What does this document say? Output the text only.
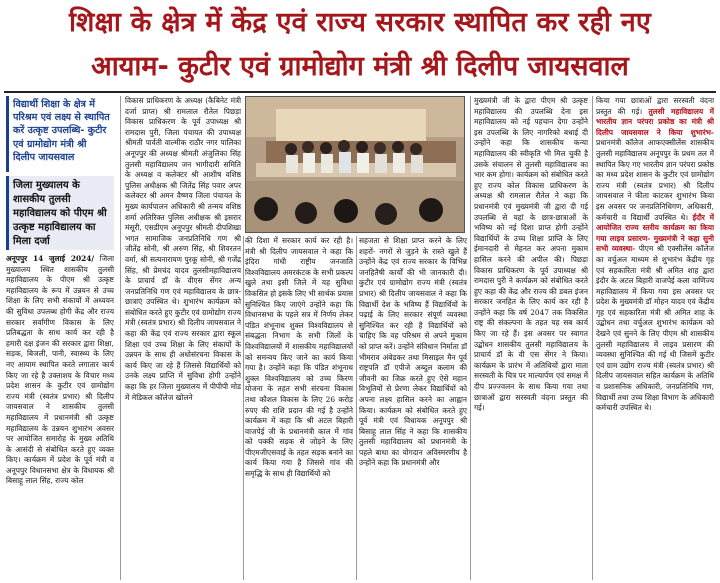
शिक्षा के क्षेत्र में केंद्र एवं राज्य सरकार स्थापित कर रही नए
आयाम- कुटीर एवं ग्रामोद्योग मंत्री श्री दिलीप जायसवाल
विद्यार्थी शिक्षा के क्षेत्र में परिश्रम एवं लक्ष्य से स्थापित करें उत्कृष्ट उपलब्धि- कुटीर एवं ग्रामोद्योग मंत्री श्री दिलीप जायसवाल
जिला मुख्यालय के शासकीय तुलसी महाविद्यालय को पीएम श्री उत्कृष्ट महाविद्यालय का मिला दर्जा
अनूपपुर 14 जुलाई 2024/ जिला मुख्यालय स्थित शासकीय तुलसी महाविद्यालय के पीएम श्री उत्कृष्ट महाविद्यालय के रूप में उन्नयन से उच्च शिक्षा के लिए सभी संकायों में अध्ययन की सुविधा उपलब्ध होगी केंद्र और राज्य सरकार सर्वांगीण विकास के लिए प्रतिबद्धता के साथ कार्य कर रही है हमारी दक्ष इंजन की सरकार द्वारा शिक्षा, सड़क, बिजली, पानी, स्वास्थ्य के लिए नए आयाम स्थापित करते लगातार कार्य किए जा रहे है उक्ताशय के विचार मध्य प्रदेश शासन के कुटीर एवं ग्रामोद्योग राज्य मंत्री (स्वतंत्र प्रभार) श्री दिलीप जायसवाल ने शासकीय तुलसी महाविद्यालय में प्रधानमंत्री श्री उत्कृष्ट महाविद्यालय के उन्नयन शुभारंभ अवसर पर आयोजित समारोह के मुख्य अतिथि के आसंदी से संबोधित करते हुए व्यक्त किए। कार्यक्रम में प्रदेश के पूर्व मंत्री व अनूपपुर विधानसभा क्षेत्र के विधायक श्री बिसाहू लाल सिंह, राज्य कोल
विकास प्राधिकरण के अध्यक्ष (कैबिनेट मंत्री दर्जा प्राप्त) श्री रामलाल रौतेल पिछड़ा विकास प्राधिकरण के पूर्व उपाध्यक्ष श्री रामदास पुरी, जिला पंचायत की उपाध्यक्ष श्रीमती पार्वती वाल्मीक राठौर नगर पालिका अनूपपुर की अध्यक्ष श्रीमती अंजुलिका सिंह तुलसी महाविद्यालय जन भागीदारी समिति के अध्यक्ष व कलेक्टर श्री आशीष वशिष्ठ पुलिस अधीक्षक श्री जितेंद्र सिंह पवार अपर कलेक्टर श्री अमन वैष्णव जिला पंचायत के मुख्य कार्यपालन अधिकारी श्री तन्मय वशिष्ठ शर्मा अतिरिक्त पुलिस अधीक्षक श्री इसरार मंसूरी, एसडीएम अनूपपुर श्रीमती दीपशिखा भगत सामाजिक जनप्रतिनिधि गण श्री जीतेंद्र सोनी, श्री अरुण सिंह, श्री शिवरतन वर्मा, श्री सत्यनारायण पुरकू सोनी, श्री गजेंद्र सिंह, श्री प्रेमचंद यादव तुलसीमहाविद्यालय के प्राचार्य डॉ के वीएस सेंगर अन्य जनप्रतिनिधि गण एवं महाविद्यालय के छात्र-छात्राएं उपस्थित थे। शुभारंभ कार्यक्रम को संबोधित करते हुए कुटीर एवं ग्रामोद्योग राज्य मंत्री (स्वतंत्र प्रभार) श्री दिलीप जायसवाल ने कहा की केंद्र एवं राज्य सरकार द्वारा स्कूल शिक्षा एवं उच्च शिक्षा के लिए संकायों के उन्नयन के साथ ही अधोसंरचना विकास के कार्य किए जा रहे हैं जिससे विद्यार्थियों को उनके लक्ष्य प्राप्ति में सुविधा होगी उन्होंने कहा कि हर जिला मुख्यालय में पीपीपी मोड में मेडिकल कॉलेज खोलने
की दिशा में सरकार कार्य कर रही है। मंत्री श्री दिलीप जायसवाल ने कहा कि इंदिरा गांधी राष्ट्रीय जनजाति विश्वविद्यालय अमरकंटक के सभी प्रकल्प खुले तथा इसी जिले में यह सुविधा विकसित हो इसके लिए भी सार्थक प्रयास सुनिश्चित किए जाएंगे उन्होंने कहा कि विधानसभा के पहले सत्र में निर्णय लेकर पंडित शंभूनाथ शुक्ल विश्वविद्यालय से संबद्धता निभाग के सभी जिलों के विश्वविद्यालयों में शासकीय महाविद्यालयों को समन्वय किए जाने का कार्य किया गया है। उन्होंने कहा कि पंडित शंभूनाथ शुक्ल विश्वविद्यालय को उच्च किरण योजना के तहत सभी संरचना विकास तथा कौशल विकास के लिए 26 करोड़ रुपए की राशि प्रदान की गई है उन्होंने कार्यक्रम में कहा कि श्री अटल बिहारी वाजपेई जी के प्रधानमंत्री काल में गांव को पक्की सड़क से जोड़ने के लिए पीएमजीएसवाई के तहत सड़क बनाने का कार्य किया गया है जिससे गांव की समृद्धि के साथ ही विद्यार्थियों को
सहजता से शिक्षा प्राप्त करने के लिए शहरों- नगरों से जुड़ने के रास्ते खुले हैं उन्होंने केंद्र एवं राज्य सरकार के विभिन्न जनहितैषी कार्यों की भी जानकारी दी। कुटीर एवं ग्रामोद्योग राज्य मंत्री (स्वतंत्र प्रभार) श्री दिलीप जायसवाल ने कहा कि विद्यार्थी देश के भविष्य हैं विद्यार्थियों के पढ़ाई के लिए सरकार संपूर्ण व्यवस्था सुनिश्चित कर रही है विद्यार्थियों को चाहिए कि वह परिश्रम से अपने मुकाम को प्राप्त करें। उन्होंने संविधान निर्माता डॉ भीमराव अंबेडकर तथा मिसाइल मैन पूर्व राष्ट्रपति डॉ एपीजे अब्दुल कलाम की जीवनी का जिक्र करते हुए ऐसे महान विभूतियों से प्रेरणा लेकर विद्यार्थियों को अपना लक्ष्य हासिल करने का आह्वान किया। कार्यक्रम को संबोधित करते हुए पूर्व मंत्री एवं विधायक अनूपपुर श्री बिसाहू लाल सिंह ने कहा कि शासकीय तुलसी महाविद्यालय को प्रधानमंत्री के पहले बाधा का योगदान अविस्मरणीय है उन्होंने कहा कि प्रधानमंत्री और
मुख्यमंत्री जी के द्वारा पीएम श्री उत्कृष्ट महाविद्यालय की उपलब्धि देना इस महाविद्यालय को नई पहचान देगा उन्होंने इस उपलब्धि के लिए नागरिको बधाई दी उन्होंने कहा कि शासकीय कन्या महाविद्यालय की स्वीकृति भी मिल चुकी है उसके संचालन से तुलसी महाविद्यालय का भार कम होगा। कार्यक्रम को संबोधित करते हुए राज्य कोल विकास प्राधिकरण के अध्यक्ष श्री रामलाल रौतेल ने कहा कि प्रधानमंत्री एवं मुख्यमंत्री जी द्वारा दी गई उपलब्धि से यहां के छात्र-छात्राओं के भविष्य को नई दिशा प्राप्त होगी उन्होंने विद्यार्थियों के उच्च शिक्षा प्राप्ति के लिए ईमानदारी से मेहनत कर अपना मुकाम हासिल करने की अपील की। पिछड़ा विकास प्राधिकरण के पूर्व उपाध्यक्ष श्री रामदास पुरी ने कार्यक्रम को संबोधित करते हुए कहा की केंद्र और राज्य की डबल इंजन सरकार जनहित के लिए कार्य कर रही है उन्होंने कहा कि वर्ष 2047 तक विकसित राष्ट्र की संकल्पना के तहत यह सब कार्य किए जा रहे हैं। इस अवसर पर स्वागत उद्बोधन शासकीय तुलसी महाविद्यालय के प्राचार्य डॉ के वी एस सेंगर ने किया। कार्यक्रम के प्रारंभ में अतिथियों द्वारा माता सरस्वती के चित्र पर माल्यार्पण एवं समक्ष में दीप प्रज्ज्वलन के साथ किया गया तथा छात्राओं द्वारा सरस्वती वंदना प्रस्तुत की गई।
किया गया छात्राओं द्वारा सरस्वती वंदना प्रस्तुत की गई। तुलसी महाविद्यालय में भारतीय ज्ञान परंपरा प्रकोष्ठ का मंत्री श्री दिलीप जायसवाल ने किया शुभारंभ- प्रधानमंत्री कॉलेज आफएक्सीलेंस शासकीय तुलसी महाविद्यालय अनूपपुर के प्रथम तल में स्थापित किए गए भारतीय ज्ञान परंपरा प्रकोष्ठ का मध्य प्रदेश शासन के कुटीर एवं ग्रामोद्योग राज्य मंत्री (स्वतंत्र प्रभार) श्री दिलीप जायसवाल ने फीता काटकर शुभारंभ किया इस अवसर पर जनप्रतिनिधिगण, अधिकारी, कर्मचारी व विद्यार्थी उपस्थित थे। ईंदौर में आयोजित राज्य स्तरीय कार्यक्रम का किया गया लाइव प्रसारण- मुख्यमंत्री ने कहा सुनी सभी व्यवस्था- पीएम श्री एक्सीलेंस कॉलेज का वर्चुअल माध्यम से शुभारंभ केंद्रीय गृह एवं सहकारिता मंत्री श्री अमित शाह द्वारा इंदौर के अटल बिहारी वाजपेई कला वाणिज्य महाविद्यालय में किया गया इस अवसर पर प्रदेश के मुख्यमंत्री डॉ मोहन यादव एवं केंद्रीय गृह एवं सहकारिता मंत्री श्री अमित शाह के उद्बोधन तथा वर्चुअल शुभारंभ कार्यक्रम को देखने एवं सुनने के लिए पीएम श्री शासकीय तुलसी महाविद्यालय में लाइव प्रसारण की व्यवस्था सुनिश्चित की गई थी जिसमें कुटीर एवं ग्राम उद्योग राज्य मंत्री (स्वतंत्र प्रभार) श्री दिलीप जायसवाल सहित कार्यक्रम के अतिथि व प्रशासनिक अधिकारी, जनप्रतिनिधि गण, विद्यार्थी तथा उच्च शिक्षा विभाग के अधिकारी कर्मचारी उपस्थित थे।
